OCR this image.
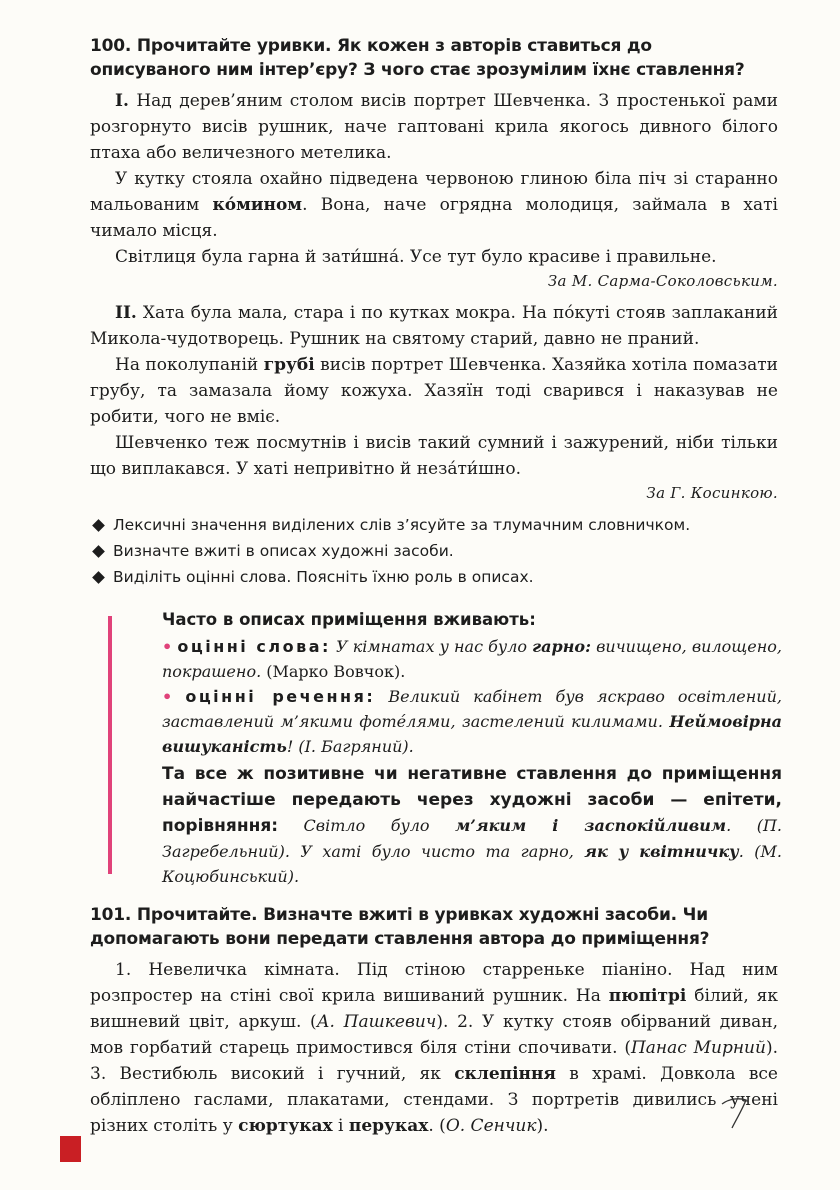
100. Прочитайте уривки. Як кожен з авторів ставиться до описуваного ним інтер’єру? З чого стає зрозумілим їхнє ставлення?

I. Над дерев’яним столом висів портрет Шевченка. З простенької рами розгорнуто висів рушник, наче гаптовані крила якогось дивного білого птаха або величезного метелика.

У кутку стояла охайно підведена червоною глиною біла піч зі старанно мальованим ко́мином. Вона, наче огрядна молодиця, займала в хаті чимало місця.

Світлиця була гарна й зати́шна́. Усе тут було красиве і правильне.

За М. Сарма-Соколовським.

II. Хата була мала, стара і по кутках мокра. На по́куті стояв заплаканий Микола-чудотворець. Рушник на святому старий, давно не праний.

На поколупаній грубі висів портрет Шевченка. Хазяйка хотіла помазати грубу, та замазала йому кожуха. Хазяїн тоді сварився і наказував не робити, чого не вміє.

Шевченко теж посмутнів і висів такий сумний і зажурений, ніби тільки що виплакався. У хаті непривітно й неза́ти́шно.

За Г. Косинкою.

Лексичні значення виділених слів з’ясуйте за тлумачним словничком.
Визначте вжиті в описах художні засоби.
Виділіть оцінні слова. Поясніть їхню роль в описах.

Часто в описах приміщення вживають:

• оцінні слова: У кімнатах у нас було гарно: вичищено, вилощено, покрашено. (Марко Вовчок).

• оцінні речення: Великий кабінет був яскраво освітлений, заставлений м’якими фоте́лями, застелений килимами. Неймовірна вишуканість! (І. Багряний).

Та все ж позитивне чи негативне ставлення до приміщення найчастіше передають через художні засоби — епітети, порівняння: Світло було м’яким і заспокійливим. (П. Загребельний). У хаті було чисто та гарно, як у квітничку. (М. Коцюбинський).

101. Прочитайте. Визначте вжиті в уривках художні засоби. Чи допомагають вони передати ставлення автора до приміщення?

1. Невеличка кімната. Під стіною старреньке піаніно. Над ним розпростер на стіні свої крила вишиваний рушник. На пюпітрі білий, як вишневий цвіт, аркуш. (А. Пашкевич). 2. У кутку стояв обірваний диван, мов горбатий старець примостився біля стіни спочивати. (Панас Мирний). 3. Вестибюль високий і гучний, як склепіння в храмі. Довкола все обліплено гаслами, плакатами, стендами. З портретів дивились учені різних століть у сюртуках і перуках. (О. Сенчик).
